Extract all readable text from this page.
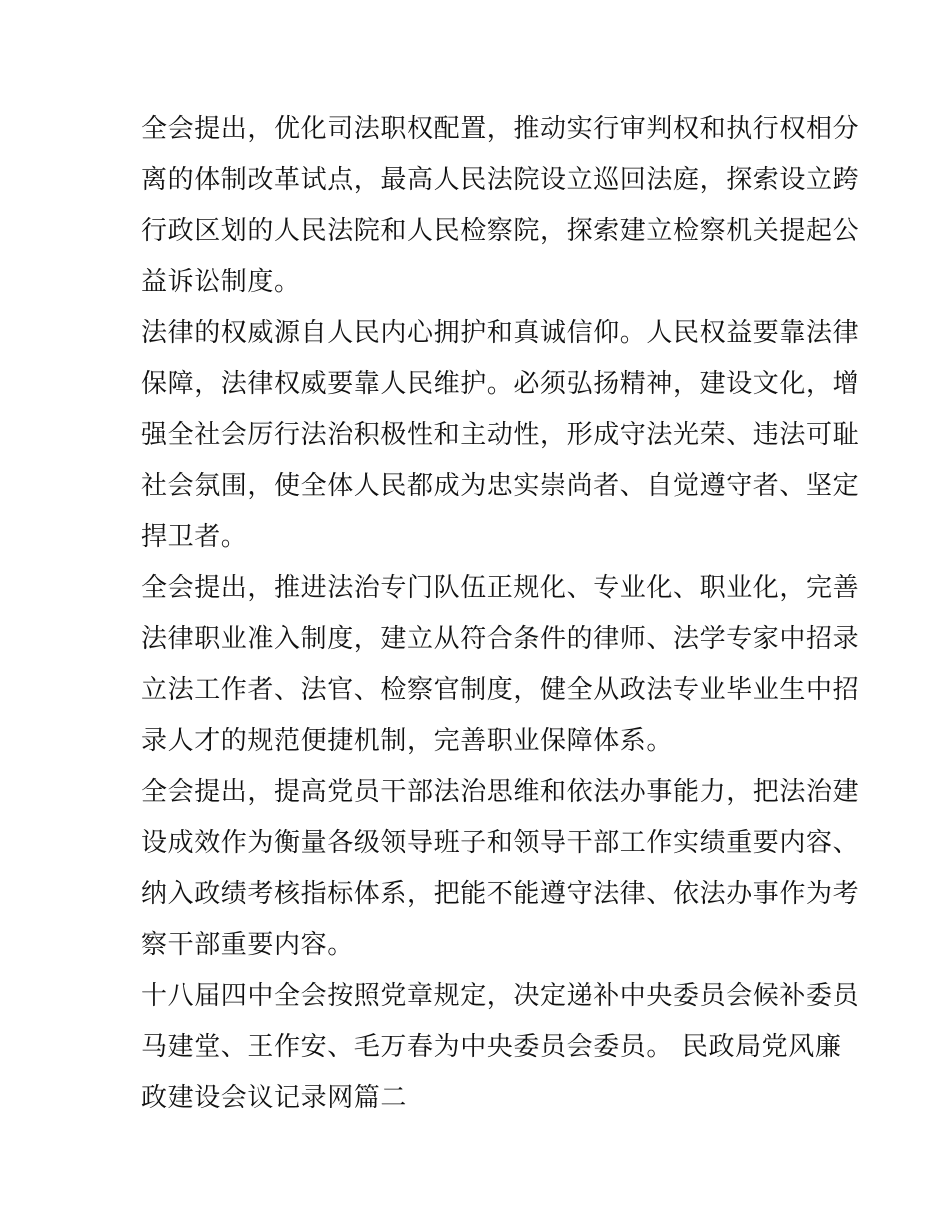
全会提出，优化司法职权配置，推动实行审判权和执行权相分
离的体制改革试点，最高人民法院设立巡回法庭，探索设立跨
行政区划的人民法院和人民检察院，探索建立检察机关提起公
益诉讼制度。
法律的权威源自人民内心拥护和真诚信仰。人民权益要靠法律
保障，法律权威要靠人民维护。必须弘扬精神，建设文化，增
强全社会厉行法治积极性和主动性，形成守法光荣、违法可耻
社会氛围，使全体人民都成为忠实崇尚者、自觉遵守者、坚定
捍卫者。
全会提出，推进法治专门队伍正规化、专业化、职业化，完善
法律职业准入制度，建立从符合条件的律师、法学专家中招录
立法工作者、法官、检察官制度，健全从政法专业毕业生中招
录人才的规范便捷机制，完善职业保障体系。
全会提出，提高党员干部法治思维和依法办事能力，把法治建
设成效作为衡量各级领导班子和领导干部工作实绩重要内容、
纳入政绩考核指标体系，把能不能遵守法律、依法办事作为考
察干部重要内容。
十八届四中全会按照党章规定，决定递补中央委员会候补委员
马建堂、王作安、毛万春为中央委员会委员。 民政局党风廉
政建设会议记录网篇二
